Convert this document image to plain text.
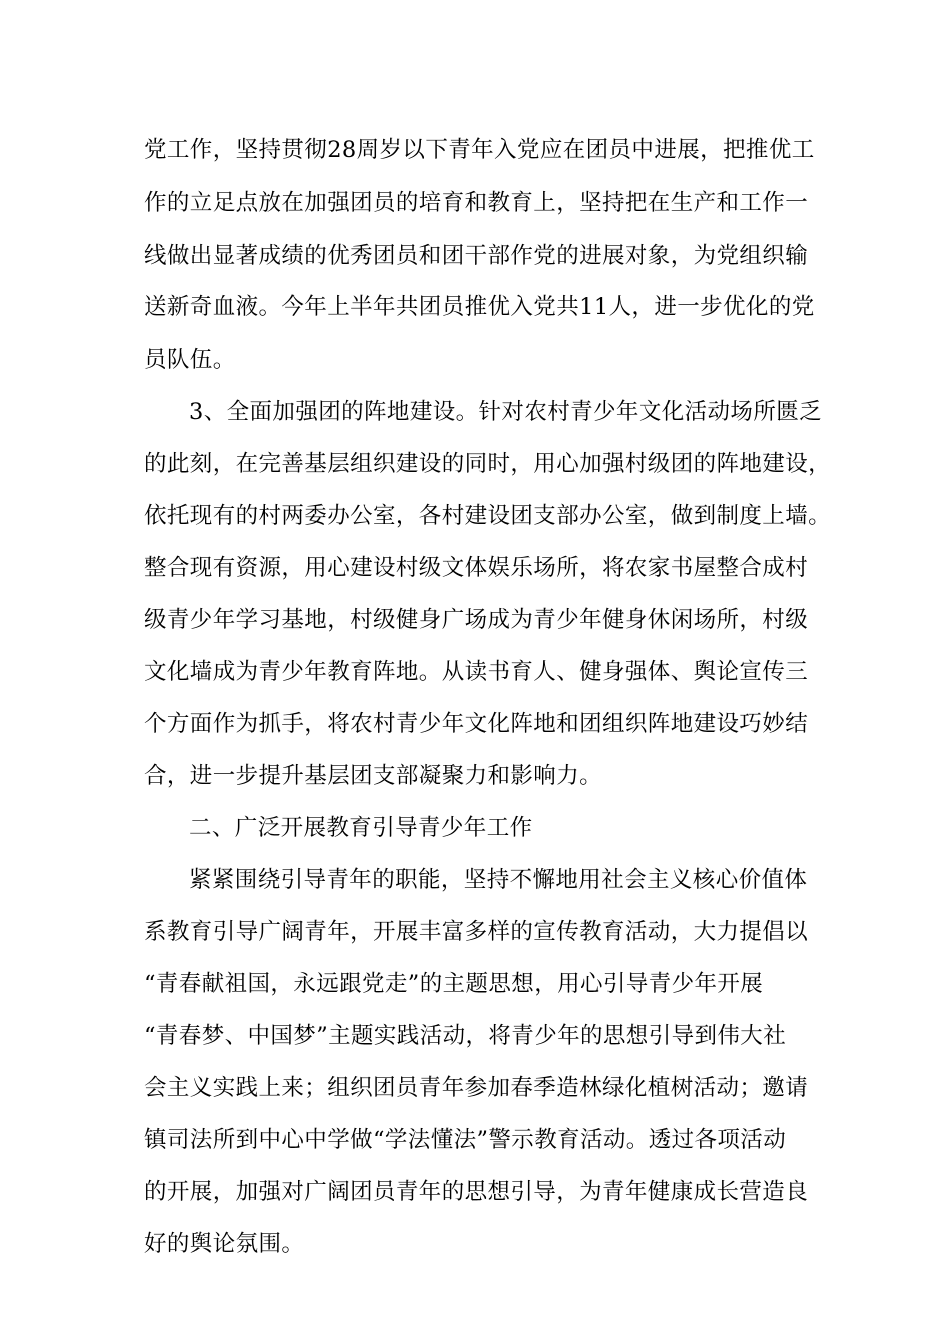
党工作，坚持贯彻28周岁以下青年入党应在团员中进展，把推优工
作的立足点放在加强团员的培育和教育上，坚持把在生产和工作一
线做出显著成绩的优秀团员和团干部作党的进展对象，为党组织输
送新奇血液。今年上半年共团员推优入党共11人，进一步优化的党
员队伍。
3、全面加强团的阵地建设。针对农村青少年文化活动场所匮乏
的此刻，在完善基层组织建设的同时，用心加强村级团的阵地建设，
依托现有的村两委办公室，各村建设团支部办公室，做到制度上墙。
整合现有资源，用心建设村级文体娱乐场所，将农家书屋整合成村
级青少年学习基地，村级健身广场成为青少年健身休闲场所，村级
文化墙成为青少年教育阵地。从读书育人、健身强体、舆论宣传三
个方面作为抓手，将农村青少年文化阵地和团组织阵地建设巧妙结
合，进一步提升基层团支部凝聚力和影响力。
二、广泛开展教育引导青少年工作
紧紧围绕引导青年的职能，坚持不懈地用社会主义核心价值体
系教育引导广阔青年，开展丰富多样的宣传教育活动，大力提倡以
“青春献祖国，永远跟党走”的主题思想，用心引导青少年开展
“青春梦、中国梦”主题实践活动，将青少年的思想引导到伟大社
会主义实践上来；组织团员青年参加春季造林绿化植树活动；邀请
镇司法所到中心中学做“学法懂法”警示教育活动。透过各项活动
的开展，加强对广阔团员青年的思想引导，为青年健康成长营造良
好的舆论氛围。
